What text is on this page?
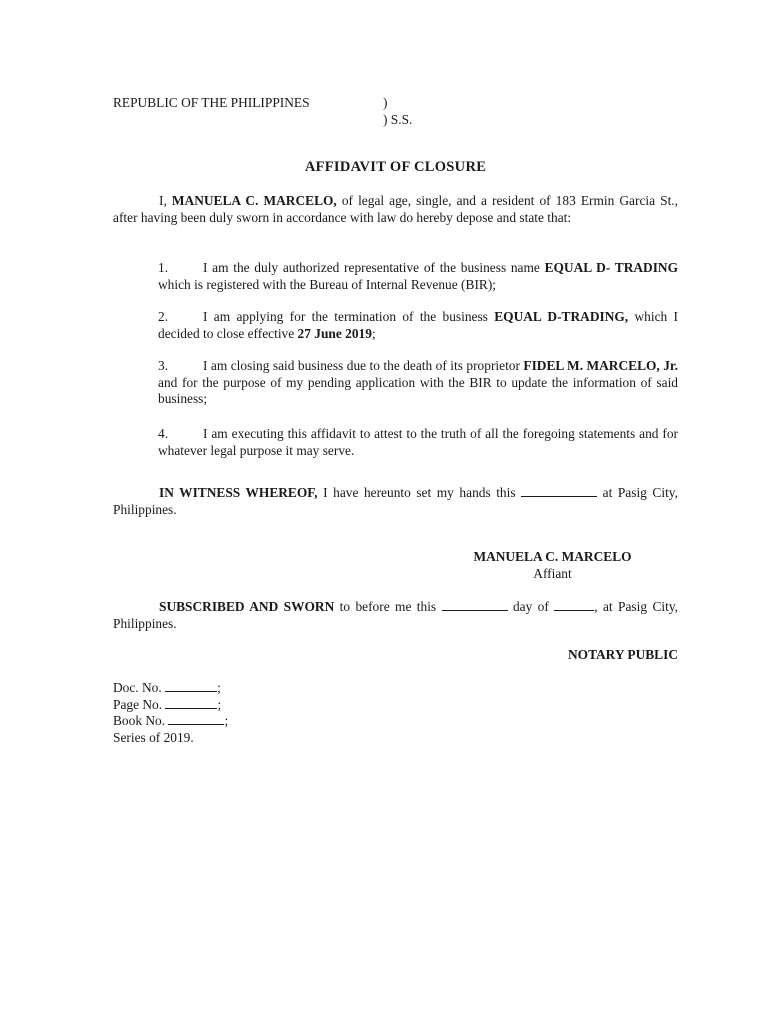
REPUBLIC OF THE PHILIPPINES	)
) S.S.
AFFIDAVIT OF CLOSURE
I, MANUELA C. MARCELO, of legal age, single, and a resident of 183 Ermin Garcia St., after having been duly sworn in accordance with law do hereby depose and state that:
1.	I am the duly authorized representative of the business name EQUAL D- TRADING which is registered with the Bureau of Internal Revenue (BIR);
2.	I am applying for the termination of the business EQUAL D-TRADING, which I decided to close effective 27 June 2019;
3.	I am closing said business due to the death of its proprietor FIDEL M. MARCELO, Jr. and for the purpose of my pending application with the BIR to update the information of said business;
4.	I am executing this affidavit to attest to the truth of all the foregoing statements and for whatever legal purpose it may serve.
IN WITNESS WHEREOF, I have hereunto set my hands this	at Pasig City, Philippines.
MANUELA C. MARCELO
Affiant
SUBSCRIBED AND SWORN to before me this	day of	, at Pasig City, Philippines.
NOTARY PUBLIC
Doc. No.	;
Page No.	;
Book No.	;
Series of 2019.
